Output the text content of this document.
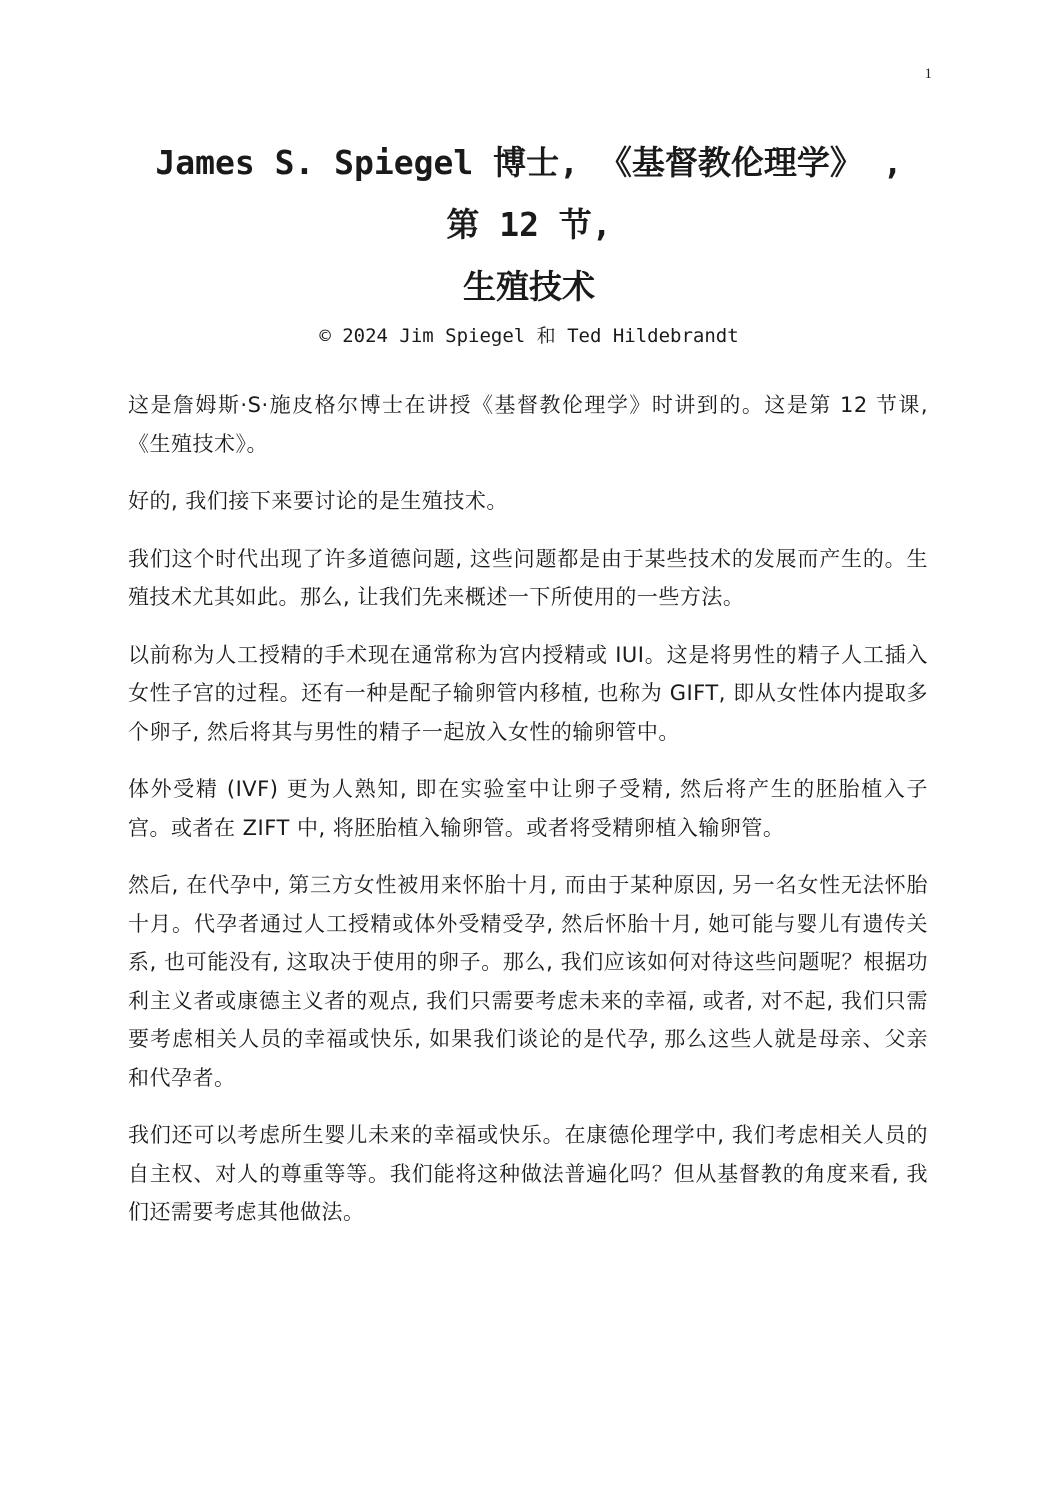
1
James S. Spiegel 博士, 《基督教伦理学》 ,
第 12 节,
生殖技术
© 2024 Jim Spiegel 和 Ted Hildebrandt

这是詹姆斯·S·施皮格尔博士在讲授《基督教伦理学》时讲到的。这是第 12 节课, 《生殖技术》。

好的, 我们接下来要讨论的是生殖技术。

我们这个时代出现了许多道德问题, 这些问题都是由于某些技术的发展而产生的。生殖技术尤其如此。那么, 让我们先来概述一下所使用的一些方法。

以前称为人工授精的手术现在通常称为宫内授精或 IUI。这是将男性的精子人工插入女性子宫的过程。还有一种是配子输卵管内移植, 也称为 GIFT, 即从女性体内提取多个卵子, 然后将其与男性的精子一起放入女性的输卵管中。

体外受精 (IVF) 更为人熟知, 即在实验室中让卵子受精, 然后将产生的胚胎植入子宫。或者在 ZIFT 中, 将胚胎植入输卵管。或者将受精卵植入输卵管。

然后, 在代孕中, 第三方女性被用来怀胎十月, 而由于某种原因, 另一名女性无法怀胎十月。代孕者通过人工授精或体外受精受孕, 然后怀胎十月, 她可能与婴儿有遗传关系, 也可能没有, 这取决于使用的卵子。那么, 我们应该如何对待这些问题呢？根据功利主义者或康德主义者的观点, 我们只需要考虑未来的幸福, 或者, 对不起, 我们只需要考虑相关人员的幸福或快乐, 如果我们谈论的是代孕, 那么这些人就是母亲、父亲和代孕者。

我们还可以考虑所生婴儿未来的幸福或快乐。在康德伦理学中, 我们考虑相关人员的自主权、对人的尊重等等。我们能将这种做法普遍化吗？但从基督教的角度来看, 我们还需要考虑其他做法。
